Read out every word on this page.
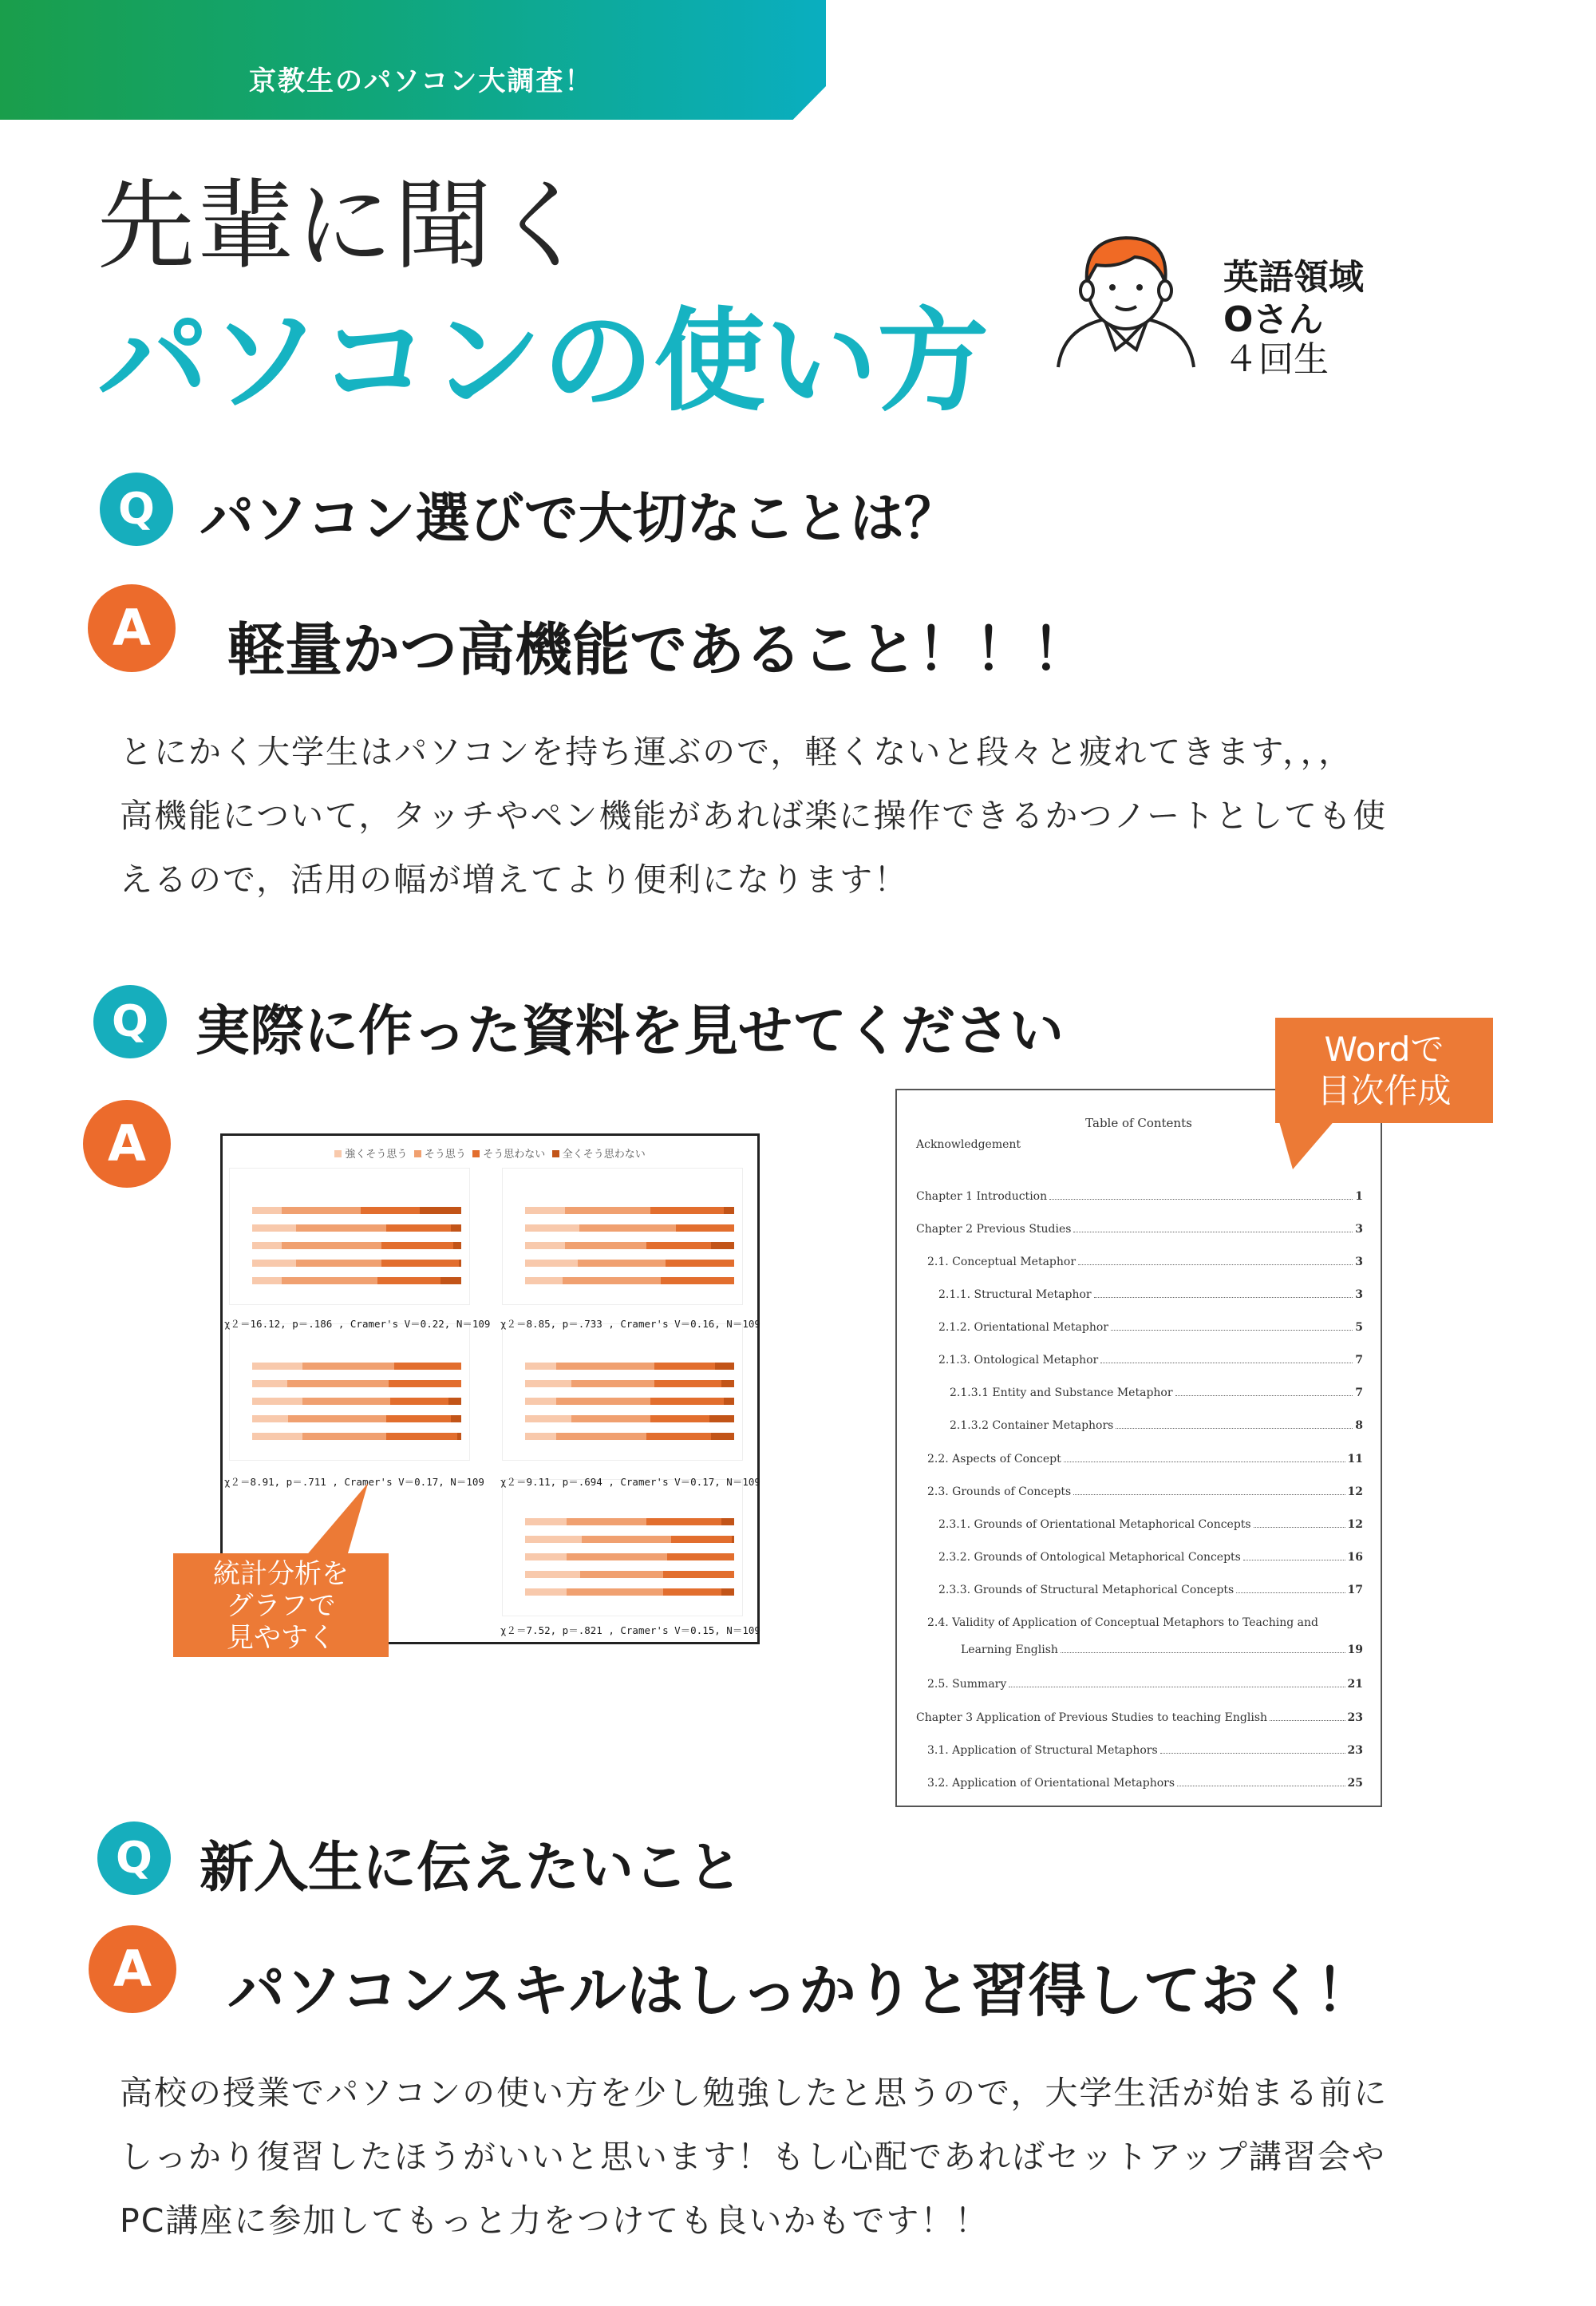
京教生のパソコン大調査！
先輩に聞く
パソコンの使い方
英語領域
Oさん
４回生
Q パソコン選びで大切なことは？
A	軽量かつ高機能であること！！！
とにかく大学生はパソコンを持ち運ぶので，軽くないと段々と疲れてきます，，，
高機能について，タッチやペン機能があれば楽に操作できるかつノートとしても使
えるので，活用の幅が増えてより便利になります！
Q 実際に作った資料を見せてください
A	強くそう思う そう思う そう思わない 全くそう思わない
χ２＝16.12, p＝.186 , Cramer's V＝0.22, N＝109 χ２＝8.85, p＝.733 , Cramer's V＝0.16, N＝109
χ２＝8.91, p＝.711 , Cramer's V＝0.17, N＝109 χ２＝9.11, p＝.694 , Cramer's V＝0.17, N＝109
χ２＝7.52, p＝.821 , Cramer's V＝0.15, N＝109
統計分析を
グラフで
見やすく
Table of Contents
Acknowledgement
Chapter 1 Introduction	1
Chapter 2 Previous Studies	3
2.1. Conceptual Metaphor	3
2.1.1. Structural Metaphor	3
2.1.2. Orientational Metaphor	5
2.1.3. Ontological Metaphor	7
2.1.3.1 Entity and Substance Metaphor	7
2.1.3.2 Container Metaphors	8
2.2. Aspects of Concept	11
2.3. Grounds of Concepts	12
2.3.1. Grounds of Orientational Metaphorical Concepts	12
2.3.2. Grounds of Ontological Metaphorical Concepts	16
2.3.3. Grounds of Structural Metaphorical Concepts	17
2.4. Validity of Application of Conceptual Metaphors to Teaching and
Learning English	19
2.5. Summary	21
Chapter 3 Application of Previous Studies to teaching English	23
3.1. Application of Structural Metaphors	23
3.2. Application of Orientational Metaphors	25
Wordで
目次作成
Q 新入生に伝えたいこと
A	パソコンスキルはしっかりと習得しておく！
高校の授業でパソコンの使い方を少し勉強したと思うので，大学生活が始まる前に
しっかり復習したほうがいいと思います！もし心配であればセットアップ講習会や
PC講座に参加してもっと力をつけても良いかもです！！
